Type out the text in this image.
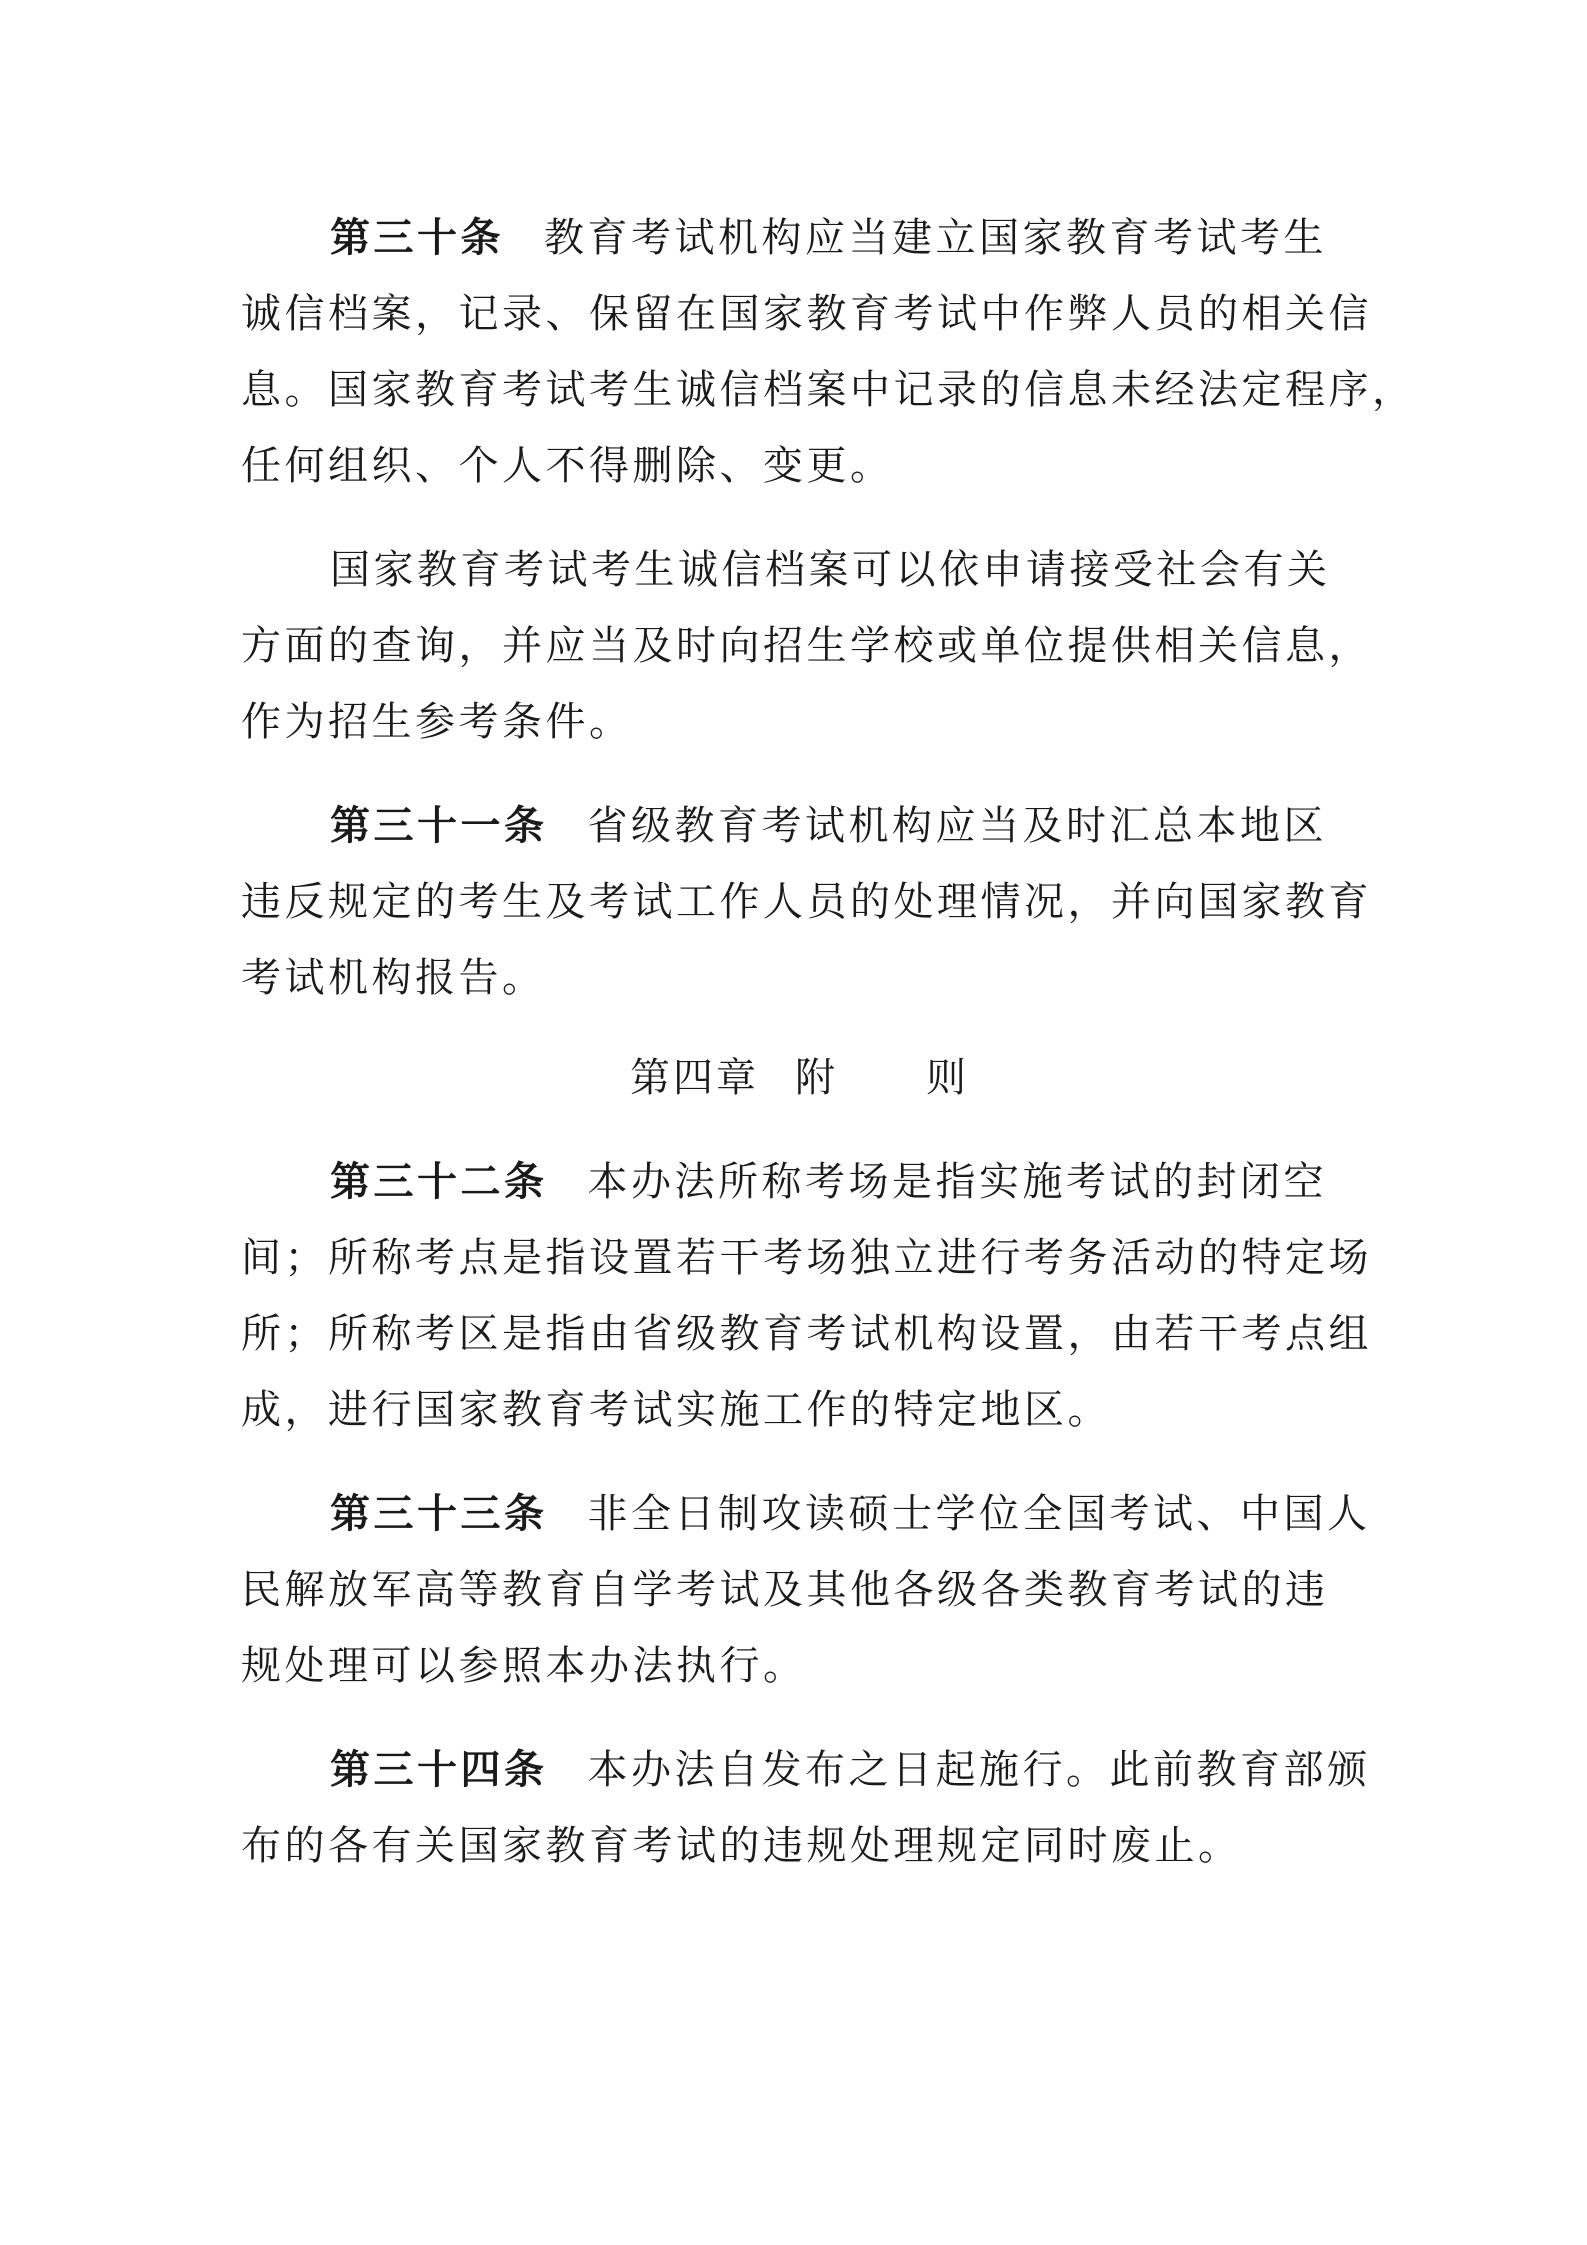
第三十条 教育考试机构应当建立国家教育考试考生
诚信档案，记录、保留在国家教育考试中作弊人员的相关信
息。国家教育考试考生诚信档案中记录的信息未经法定程序，
任何组织、个人不得删除、变更。
国家教育考试考生诚信档案可以依申请接受社会有关
方面的查询，并应当及时向招生学校或单位提供相关信息，
作为招生参考条件。
第三十一条 省级教育考试机构应当及时汇总本地区
违反规定的考生及考试工作人员的处理情况，并向国家教育
考试机构报告。
第四章 附 则
第三十二条 本办法所称考场是指实施考试的封闭空
间；所称考点是指设置若干考场独立进行考务活动的特定场
所；所称考区是指由省级教育考试机构设置，由若干考点组
成，进行国家教育考试实施工作的特定地区。
第三十三条 非全日制攻读硕士学位全国考试、中国人
民解放军高等教育自学考试及其他各级各类教育考试的违
规处理可以参照本办法执行。
第三十四条 本办法自发布之日起施行。此前教育部颁
布的各有关国家教育考试的违规处理规定同时废止。
